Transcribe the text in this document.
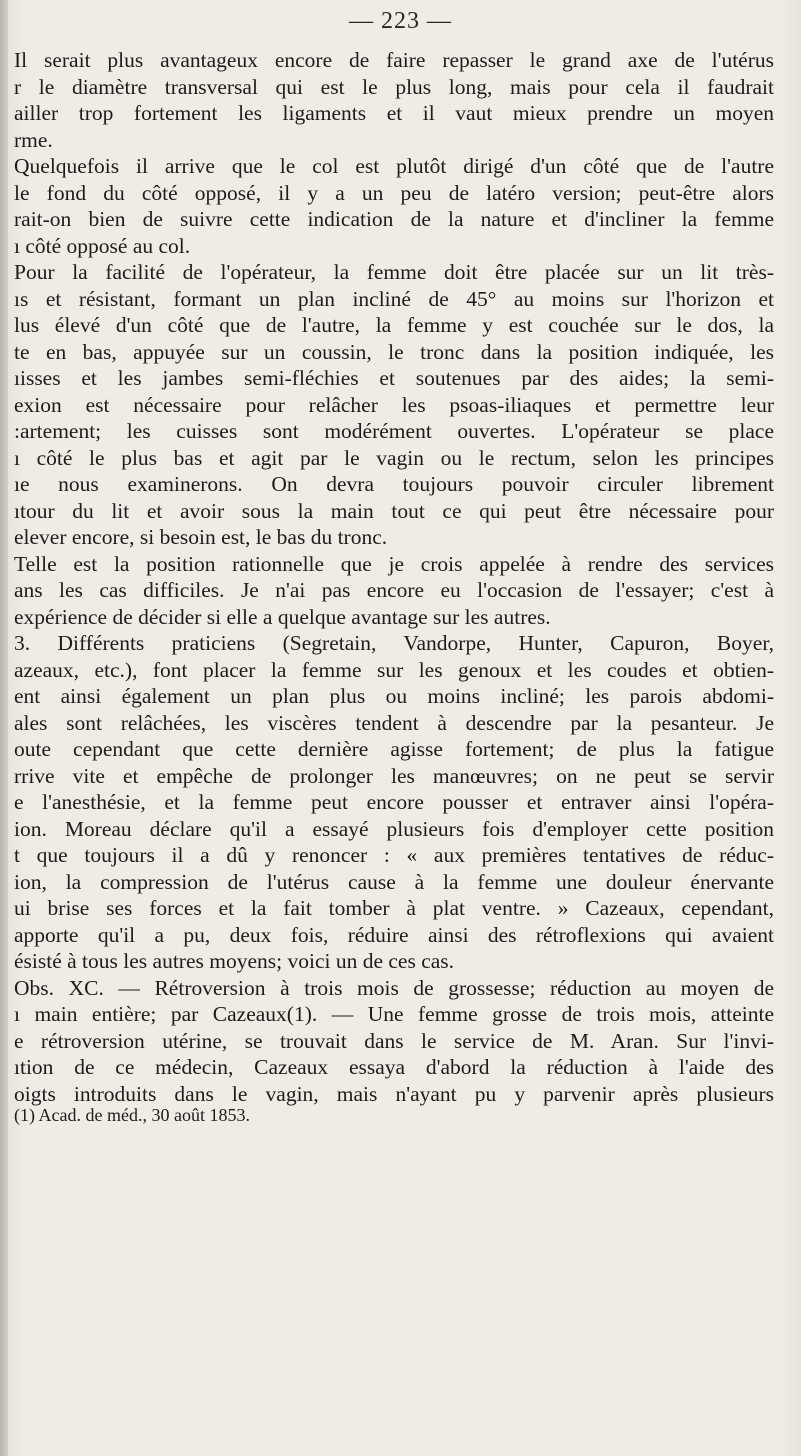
— 223 —
Il serait plus avantageux encore de faire repasser le grand axe de l'utérus
r le diamètre transversal qui est le plus long, mais pour cela il faudrait
ailler trop fortement les ligaments et il vaut mieux prendre un moyen
rme.
Quelquefois il arrive que le col est plutôt dirigé d'un côté que de l'autre
le fond du côté opposé, il y a un peu de latéro version; peut-être alors
rait-on bien de suivre cette indication de la nature et d'incliner la femme
ı côté opposé au col.
Pour la facilité de l'opérateur, la femme doit être placée sur un lit très-
ıs et résistant, formant un plan incliné de 45° au moins sur l'horizon et
lus élevé d'un côté que de l'autre, la femme y est couchée sur le dos, la
te en bas, appuyée sur un coussin, le tronc dans la position indiquée, les
ıisses et les jambes semi-fléchies et soutenues par des aides; la semi-
exion est nécessaire pour relâcher les psoas-iliaques et permettre leur
:artement; les cuisses sont modérément ouvertes. L'opérateur se place
ı côté le plus bas et agit par le vagin ou le rectum, selon les principes
ıe nous examinerons. On devra toujours pouvoir circuler librement
ıtour du lit et avoir sous la main tout ce qui peut être nécessaire pour
elever encore, si besoin est, le bas du tronc.
Telle est la position rationnelle que je crois appelée à rendre des services
ans les cas difficiles. Je n'ai pas encore eu l'occasion de l'essayer; c'est à
expérience de décider si elle a quelque avantage sur les autres.
3. Différents praticiens (Segretain, Vandorpe, Hunter, Capuron, Boyer,
azeaux, etc.), font placer la femme sur les genoux et les coudes et obtien-
ent ainsi également un plan plus ou moins incliné; les parois abdomi-
ales sont relâchées, les viscères tendent à descendre par la pesanteur. Je
oute cependant que cette dernière agisse fortement; de plus la fatigue
rrive vite et empêche de prolonger les manœuvres; on ne peut se servir
e l'anesthésie, et la femme peut encore pousser et entraver ainsi l'opéra-
ion. Moreau déclare qu'il a essayé plusieurs fois d'employer cette position
t que toujours il a dû y renoncer : « aux premières tentatives de réduc-
ion, la compression de l'utérus cause à la femme une douleur énervante
ui brise ses forces et la fait tomber à plat ventre. » Cazeaux, cependant,
apporte qu'il a pu, deux fois, réduire ainsi des rétroflexions qui avaient
ésisté à tous les autres moyens; voici un de ces cas.
Obs. XC. — Rétroversion à trois mois de grossesse; réduction au moyen de
ı main entière; par Cazeaux(1). — Une femme grosse de trois mois, atteinte
e rétroversion utérine, se trouvait dans le service de M. Aran. Sur l'invi-
ıtion de ce médecin, Cazeaux essaya d'abord la réduction à l'aide des
oigts introduits dans le vagin, mais n'ayant pu y parvenir après plusieurs
(1) Acad. de méd., 30 août 1853.
